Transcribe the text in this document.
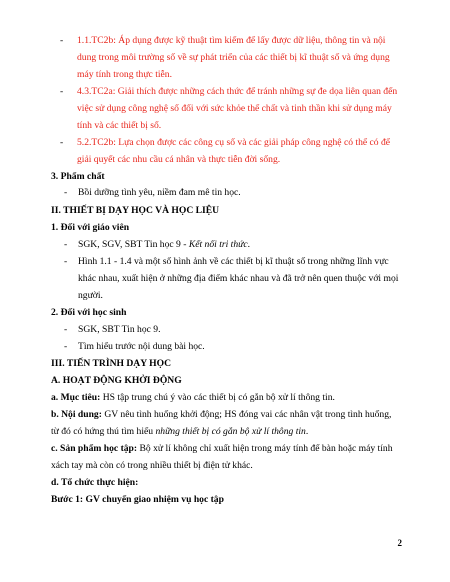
- 1.1.TC2b: Áp dụng được kỹ thuật tìm kiếm để lấy được dữ liệu, thông tin và nội
dung trong môi trường số về sự phát triển của các thiết bị kĩ thuật số và ứng dụng
máy tính trong thực tiễn.
- 4.3.TC2a: Giải thích được những cách thức để tránh những sự đe dọa liên quan đến
việc sử dụng công nghệ số đối với sức khỏe thể chất và tinh thần khi sử dụng máy
tính và các thiết bị số.
- 5.2.TC2b: Lựa chọn được các công cụ số và các giải pháp công nghệ có thể có để
giải quyết các nhu cầu cá nhân và thực tiễn đời sống.
3. Phẩm chất
- Bồi dưỡng tình yêu, niềm đam mê tin học.
II. THIẾT BỊ DẠY HỌC VÀ HỌC LIỆU
1. Đối với giáo viên
- SGK, SGV, SBT Tin học 9 - Kết nối tri thức.
- Hình 1.1 - 1.4 và một số hình ảnh về các thiết bị kĩ thuật số trong những lĩnh vực
khác nhau, xuất hiện ở những địa điểm khác nhau và đã trở nên quen thuộc với mọi
người.
2. Đối với học sinh
- SGK, SBT Tin học 9.
- Tìm hiểu trước nội dung bài học.
III. TIẾN TRÌNH DẠY HỌC
A. HOẠT ĐỘNG KHỞI ĐỘNG
a. Mục tiêu: HS tập trung chú ý vào các thiết bị có gắn bộ xử lí thông tin.
b. Nội dung: GV nêu tình huống khởi động; HS đóng vai các nhân vật trong tình huống,
từ đó có hứng thú tìm hiểu những thiết bị có gắn bộ xử lí thông tin.
c. Sản phẩm học tập: Bộ xử lí không chỉ xuất hiện trong máy tính để bàn hoặc máy tính
xách tay mà còn có trong nhiều thiết bị điện tử khác.
d. Tổ chức thực hiện:
Bước 1: GV chuyển giao nhiệm vụ học tập
2
